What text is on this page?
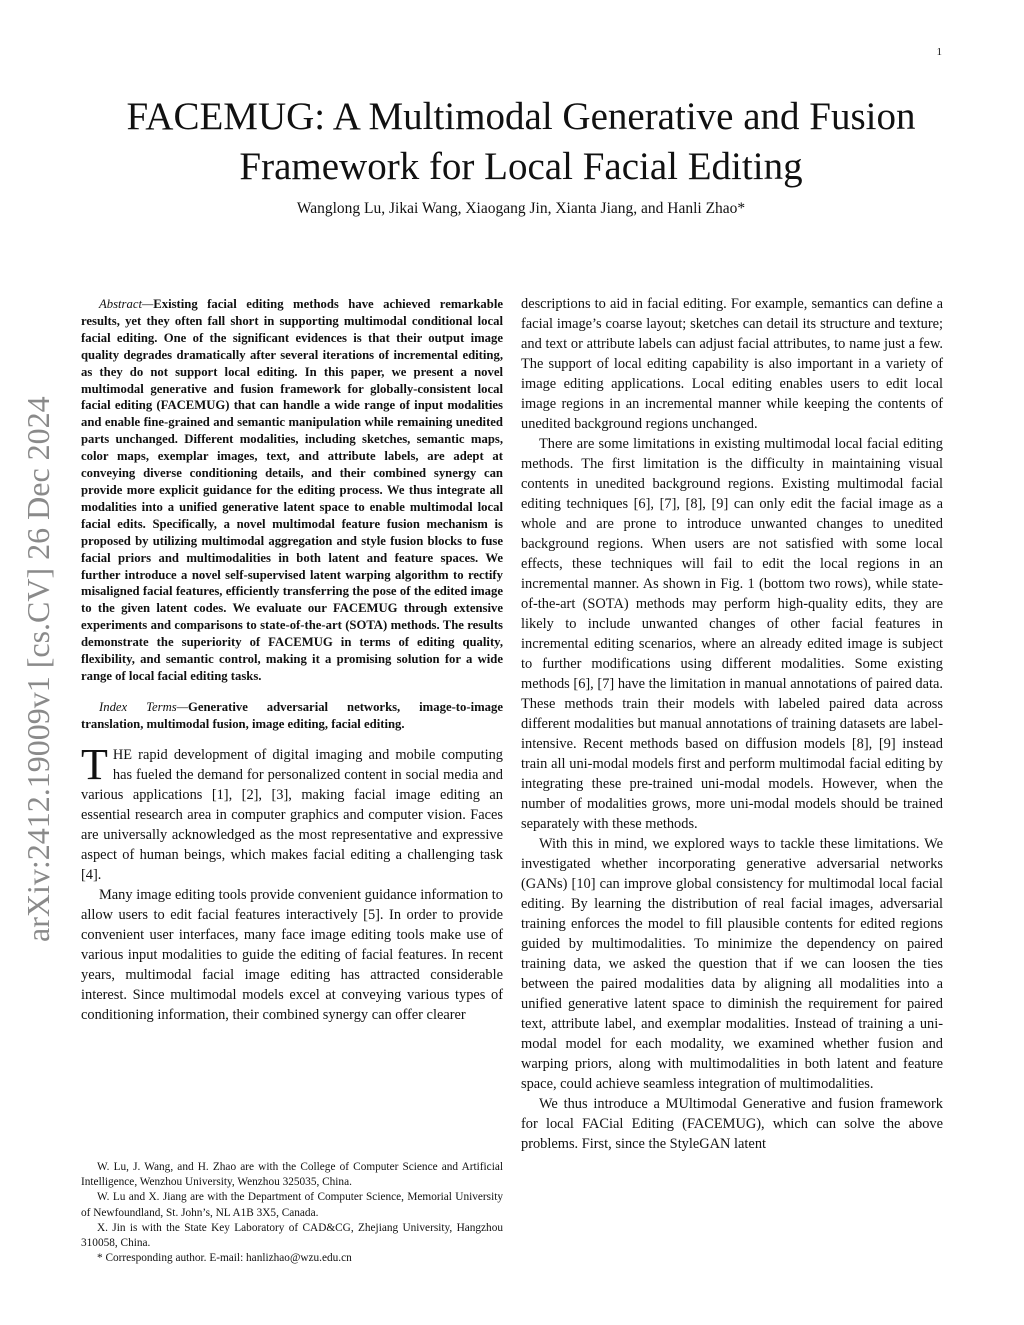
1
arXiv:2412.19009v1 [cs.CV] 26 Dec 2024
FACEMUG: A Multimodal Generative and Fusion Framework for Local Facial Editing
Wanglong Lu, Jikai Wang, Xiaogang Jin, Xianta Jiang, and Hanli Zhao*

Abstract—Existing facial editing methods have achieved remarkable results, yet they often fall short in supporting multimodal conditional local facial editing. One of the significant evidences is that their output image quality degrades dramatically after several iterations of incremental editing, as they do not support local editing. In this paper, we present a novel multimodal generative and fusion framework for globally-consistent local facial editing (FACEMUG) that can handle a wide range of input modalities and enable fine-grained and semantic manipulation while remaining unedited parts unchanged. Different modalities, including sketches, semantic maps, color maps, exemplar images, text, and attribute labels, are adept at conveying diverse conditioning details, and their combined synergy can provide more explicit guidance for the editing process. We thus integrate all modalities into a unified generative latent space to enable multimodal local facial edits. Specifically, a novel multimodal feature fusion mechanism is proposed by utilizing multimodal aggregation and style fusion blocks to fuse facial priors and multimodalities in both latent and feature spaces. We further introduce a novel self-supervised latent warping algorithm to rectify misaligned facial features, efficiently transferring the pose of the edited image to the given latent codes. We evaluate our FACEMUG through extensive experiments and comparisons to state-of-the-art (SOTA) methods. The results demonstrate the superiority of FACEMUG in terms of editing quality, flexibility, and semantic control, making it a promising solution for a wide range of local facial editing tasks.

Index Terms—Generative adversarial networks, image-to-image translation, multimodal fusion, image editing, facial editing.

THE rapid development of digital imaging and mobile computing has fueled the demand for personalized content in social media and various applications [1], [2], [3], making facial image editing an essential research area in computer graphics and computer vision. Faces are universally acknowledged as the most representative and expressive aspect of human beings, which makes facial editing a challenging task [4].

Many image editing tools provide convenient guidance information to allow users to edit facial features interactively [5]. In order to provide convenient user interfaces, many face image editing tools make use of various input modalities to guide the editing of facial features. In recent years, multimodal facial image editing has attracted considerable interest. Since multimodal models excel at conveying various types of conditioning information, their combined synergy can offer clearer

W. Lu, J. Wang, and H. Zhao are with the College of Computer Science and Artificial Intelligence, Wenzhou University, Wenzhou 325035, China.

W. Lu and X. Jiang are with the Department of Computer Science, Memorial University of Newfoundland, St. John’s, NL A1B 3X5, Canada.

X. Jin is with the State Key Laboratory of CAD&CG, Zhejiang University, Hangzhou 310058, China.

* Corresponding author. E-mail: hanlizhao@wzu.edu.cn

descriptions to aid in facial editing. For example, semantics can define a facial image’s coarse layout; sketches can detail its structure and texture; and text or attribute labels can adjust facial attributes, to name just a few. The support of local editing capability is also important in a variety of image editing applications. Local editing enables users to edit local image regions in an incremental manner while keeping the contents of unedited background regions unchanged.

There are some limitations in existing multimodal local facial editing methods. The first limitation is the difficulty in maintaining visual contents in unedited background regions. Existing multimodal facial editing techniques [6], [7], [8], [9] can only edit the facial image as a whole and are prone to introduce unwanted changes to unedited background regions. When users are not satisfied with some local effects, these techniques will fail to edit the local regions in an incremental manner. As shown in Fig. 1 (bottom two rows), while state-of-the-art (SOTA) methods may perform high-quality edits, they are likely to include unwanted changes of other facial features in incremental editing scenarios, where an already edited image is subject to further modifications using different modalities. Some existing methods [6], [7] have the limitation in manual annotations of paired data. These methods train their models with labeled paired data across different modalities but manual annotations of training datasets are label-intensive. Recent methods based on diffusion models [8], [9] instead train all uni-modal models first and perform multimodal facial editing by integrating these pre-trained uni-modal models. However, when the number of modalities grows, more uni-modal models should be trained separately with these methods.

With this in mind, we explored ways to tackle these limitations. We investigated whether incorporating generative adversarial networks (GANs) [10] can improve global consistency for multimodal local facial editing. By learning the distribution of real facial images, adversarial training enforces the model to fill plausible contents for edited regions guided by multimodalities. To minimize the dependency on paired training data, we asked the question that if we can loosen the ties between the paired modalities data by aligning all modalities into a unified generative latent space to diminish the requirement for paired text, attribute label, and exemplar modalities. Instead of training a uni-modal model for each modality, we examined whether fusion and warping priors, along with multimodalities in both latent and feature space, could achieve seamless integration of multimodalities.

We thus introduce a MUltimodal Generative and fusion framework for local FACial Editing (FACEMUG), which can solve the above problems. First, since the StyleGAN latent
